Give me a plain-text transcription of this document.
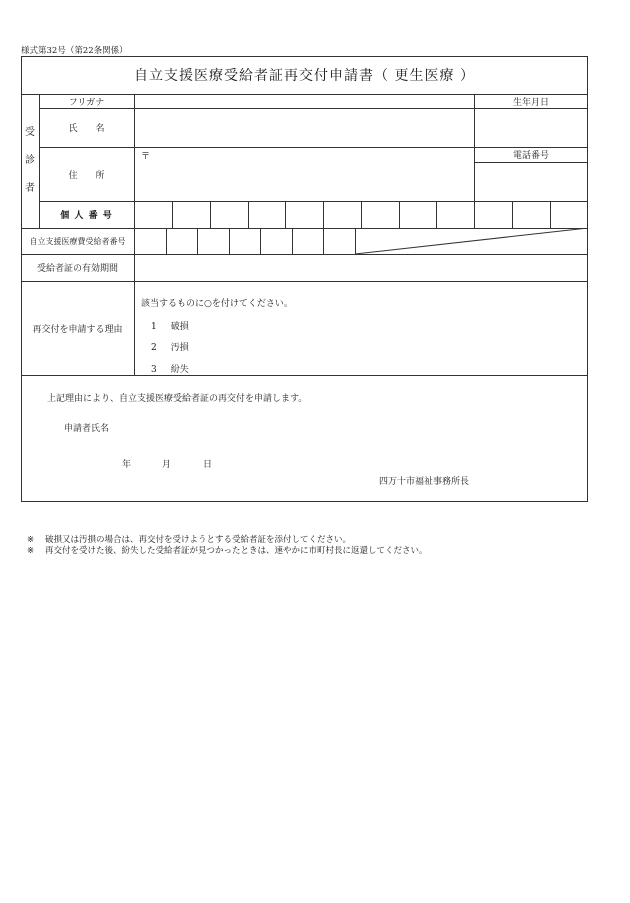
様式第32号（第22条関係）
自立支援医療受給者証再交付申請書（ 更生医療 ）
受
診
者
フリガナ	生年月日
氏　　名
住　　所
〒	電話番号
個 人 番 号
自立支援医療費受給者番号
受給者証の有効期間
再交付を申請する理由
該当するものに○を付けてください。
1 破損
2 汚損
3 紛失
上記理由により、自立支援医療受給者証の再交付を申請します。
申請者氏名
年	月	日
四万十市福祉事務所長
※ 破損又は汚損の場合は、再交付を受けようとする受給者証を添付してください。
※ 再交付を受けた後、紛失した受給者証が見つかったときは、速やかに市町村長に返還してください。
